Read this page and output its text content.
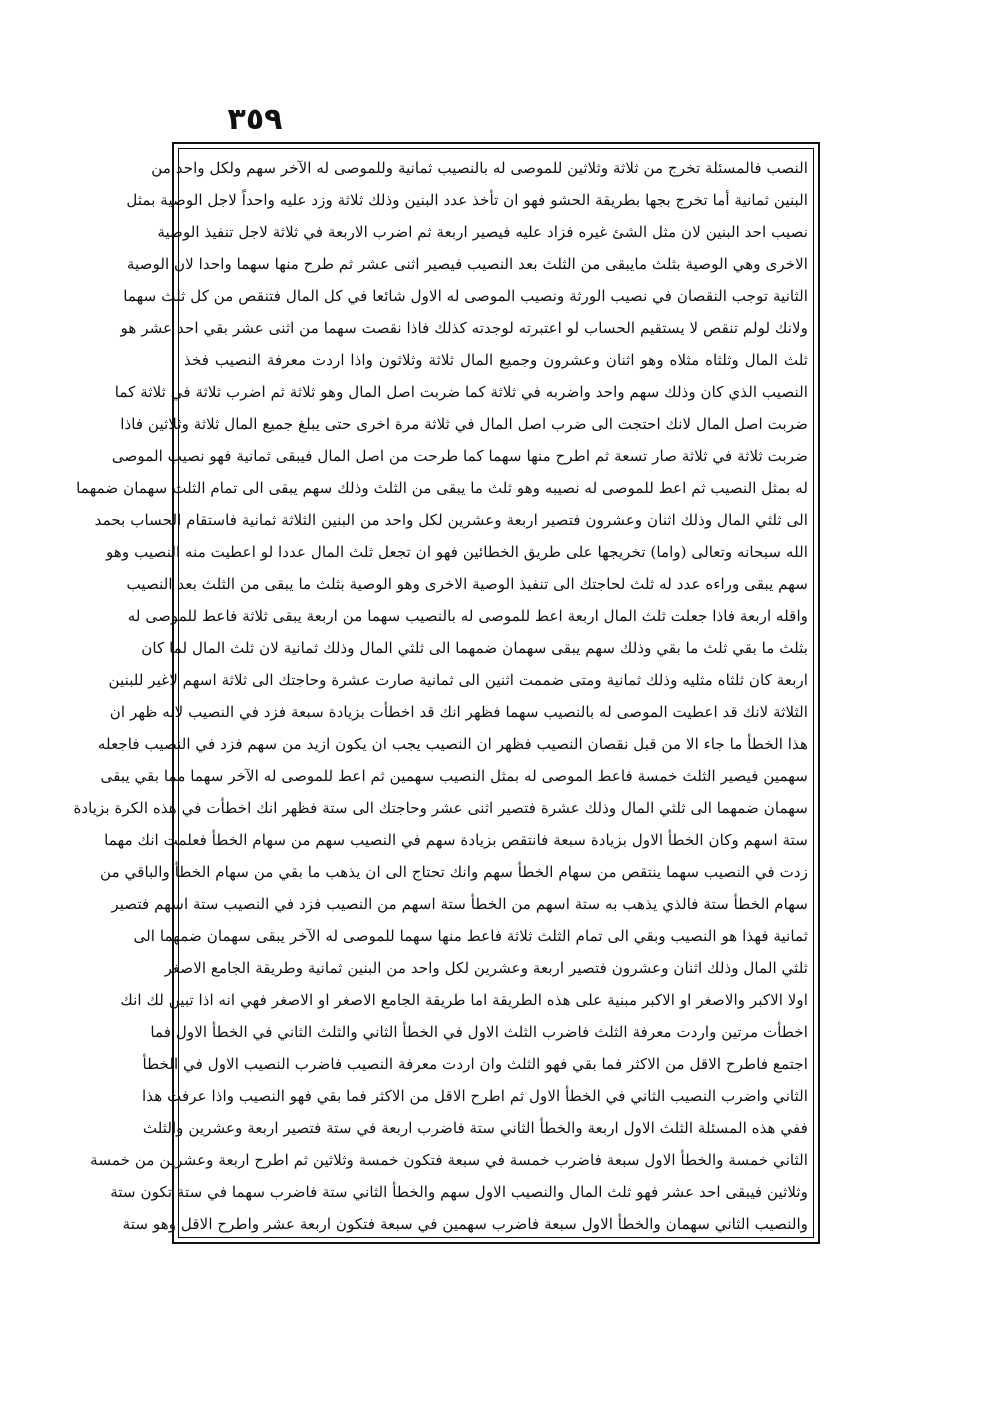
٣٥٩
النصب فالمسئلة تخرج من ثلاثة وثلاثين للموصى له بالنصيب ثمانية وللموصى له الآخر سهم ولكل واحد من
البنين ثمانية أما تخرج بجها بطريقة الحشو فهو ان تأخذ عدد البنين وذلك ثلاثة وزد عليه واحداً لاجل الوصية بمثل
نصيب احد البنين لان مثل الشئ غيره فزاد عليه فيصير اربعة ثم اضرب الاربعة في ثلاثة لاجل تنفيذ الوصية
الاخرى وهي الوصية بثلث مايبقى من الثلث بعد النصيب فيصير اثنى عشر ثم طرح منها سهما واحدا لان الوصية
الثانية توجب النقصان في نصيب الورثة ونصيب الموصى له الاول شائعا في كل المال فتنقص من كل ثلث سهما
ولانك لولم تنقص لا يستقيم الحساب لو اعتبرته لوجدته كذلك فاذا نقصت سهما من اثنى عشر بقي احد عشر هو
ثلث المال وثلثاه مثلاه وهو اثنان وعشرون وجميع المال ثلاثة وثلاثون واذا اردت معرفة النصيب فخذ
النصيب الذي كان وذلك سهم واحد واضربه في ثلاثة كما ضربت اصل المال وهو ثلاثة ثم اضرب ثلاثة في ثلاثة كما
ضربت اصل المال لانك احتجت الى ضرب اصل المال في ثلاثة مرة اخرى حتى يبلغ جميع المال ثلاثة وثلاثين فاذا
ضربت ثلاثة في ثلاثة صار تسعة ثم اطرح منها سهما كما طرحت من اصل المال فيبقى ثمانية فهو نصيب الموصى
له بمثل النصيب ثم اعط للموصى له نصيبه وهو ثلث ما يبقى من الثلث وذلك سهم يبقى الى تمام الثلث سهمان ضمهما
الى ثلثي المال وذلك اثنان وعشرون فتصير اربعة وعشرين لكل واحد من البنين الثلاثة ثمانية فاستقام الحساب بحمد
الله سبحانه وتعالى (واما) تخريجها على طريق الخطائين فهو ان تجعل ثلث المال عددا لو اعطيت منه النصيب وهو
سهم يبقى وراءه عدد له ثلث لحاجتك الى تنفيذ الوصية الاخرى وهو الوصية بثلث ما يبقى من الثلث بعد النصيب
واقله اربعة فاذا جعلت ثلث المال اربعة اعط للموصى له بالنصيب سهما من اربعة يبقى ثلاثة فاعط للموصى له
بثلث ما بقي ثلث ما بقي وذلك سهم يبقى سهمان ضمهما الى ثلثي المال وذلك ثمانية لان ثلث المال لما كان
اربعة كان ثلثاه مثليه وذلك ثمانية ومتى ضممت اثنين الى ثمانية صارت عشرة وحاجتك الى ثلاثة اسهم لاغير للبنين
الثلاثة لانك قد اعطيت الموصى له بالنصيب سهما فظهر انك قد اخطأت بزيادة سبعة فزد في النصيب لانه ظهر ان
هذا الخطأ ما جاء الا من قبل نقصان النصيب فظهر ان النصيب يجب ان يكون ازيد من سهم فزد في النصيب فاجعله
سهمين فيصير الثلث خمسة فاعط الموصى له بمثل النصيب سهمين ثم اعط للموصى له الآخر سهما مما بقي يبقى
سهمان ضمهما الى ثلثي المال وذلك عشرة فتصير اثنى عشر وحاجتك الى ستة فظهر انك اخطأت في هذه الكرة بزيادة
ستة اسهم وكان الخطأ الاول بزيادة سبعة فانتقص بزيادة سهم في النصيب سهم من سهام الخطأ فعلمت انك مهما
زدت في النصيب سهما ينتقص من سهام الخطأ سهم وانك تحتاج الى ان يذهب ما بقي من سهام الخطأ والباقي من
سهام الخطأ ستة فالذي يذهب به ستة اسهم من الخطأ ستة اسهم من النصيب فزد في النصيب ستة اسهم فتصير
ثمانية فهذا هو النصيب وبقي الى تمام الثلث ثلاثة فاعط منها سهما للموصى له الآخر يبقى سهمان ضمهما الى
ثلثي المال وذلك اثنان وعشرون فتصير اربعة وعشرين لكل واحد من البنين ثمانية وطريقة الجامع الاصغر
اولا الاكبر والاصغر او الاكبر مبنية على هذه الطريقة اما طريقة الجامع الاصغر او الاصغر فهي انه اذا تبين لك انك
اخطأت مرتين واردت معرفة الثلث فاضرب الثلث الاول في الخطأ الثاني والثلث الثاني في الخطأ الاول فما
اجتمع فاطرح الاقل من الاكثر فما بقي فهو الثلث وان اردت معرفة النصيب فاضرب النصيب الاول في الخطأ
الثاني واضرب النصيب الثاني في الخطأ الاول ثم اطرح الاقل من الاكثر فما بقي فهو النصيب واذا عرفت هذا
ففي هذه المسئلة الثلث الاول اربعة والخطأ الثاني ستة فاضرب اربعة في ستة فتصير اربعة وعشرين والثلث
الثاني خمسة والخطأ الاول سبعة فاضرب خمسة في سبعة فتكون خمسة وثلاثين ثم اطرح اربعة وعشرين من خمسة
وثلاثين فيبقى احد عشر فهو ثلث المال والنصيب الاول سهم والخطأ الثاني ستة فاضرب سهما في ستة تكون ستة
والنصيب الثاني سهمان والخطأ الاول سبعة فاضرب سهمين في سبعة فتكون اربعة عشر واطرح الاقل وهو ستة
